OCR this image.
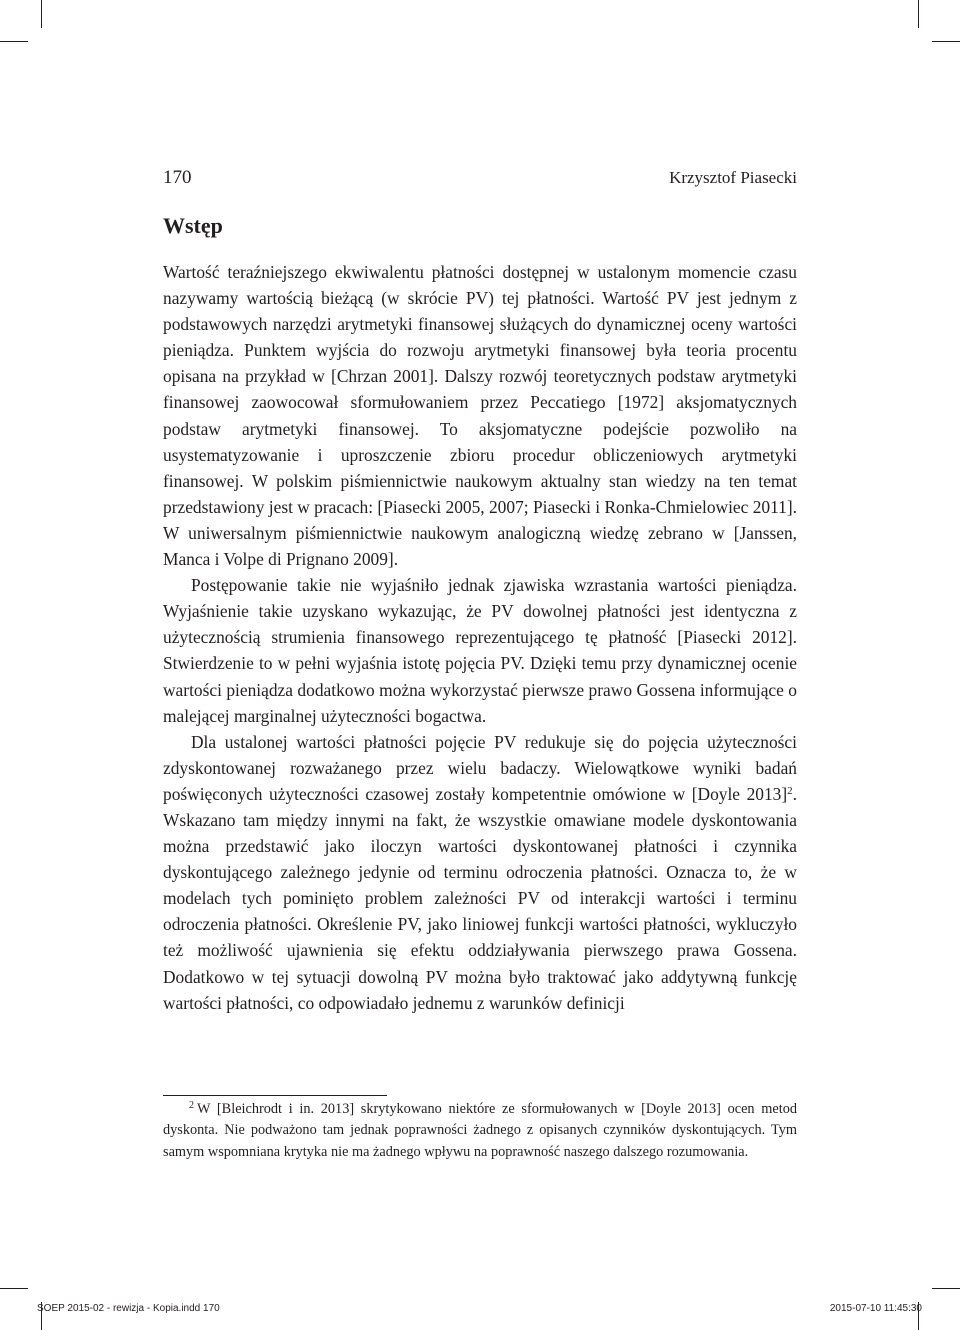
170	Krzysztof Piasecki
Wstęp

Wartość teraźniejszego ekwiwalentu płatności dostępnej w ustalonym momencie czasu nazywamy wartością bieżącą (w skrócie PV) tej płatności. Wartość PV jest jednym z podstawowych narzędzi arytmetyki finansowej służących do dynamicznej oceny wartości pieniądza. Punktem wyjścia do rozwoju arytmetyki finansowej była teoria procentu opisana na przykład w [Chrzan 2001]. Dalszy rozwój teoretycznych podstaw arytmetyki finansowej zaowocował sformułowaniem przez Peccatiego [1972] aksjomatycznych podstaw arytmetyki finansowej. To aksjomatyczne podejście pozwoliło na usystematyzowanie i uproszczenie zbioru procedur obliczeniowych arytmetyki finansowej. W polskim piśmiennictwie naukowym aktualny stan wiedzy na ten temat przedstawiony jest w pracach: [Piasecki 2005, 2007; Piasecki i Ronka-Chmielowiec 2011]. W uniwersalnym piśmiennictwie naukowym analogiczną wiedzę zebrano w [Janssen, Manca i Volpe di Prignano 2009].

Postępowanie takie nie wyjaśniło jednak zjawiska wzrastania wartości pieniądza. Wyjaśnienie takie uzyskano wykazując, że PV dowolnej płatności jest identyczna z użytecznością strumienia finansowego reprezentującego tę płatność [Piasecki 2012]. Stwierdzenie to w pełni wyjaśnia istotę pojęcia PV. Dzięki temu przy dynamicznej ocenie wartości pieniądza dodatkowo można wykorzystać pierwsze prawo Gossena informujące o malejącej marginalnej użyteczności bogactwa.

Dla ustalonej wartości płatności pojęcie PV redukuje się do pojęcia użyteczności zdyskontowanej rozważanego przez wielu badaczy. Wielowątkowe wyniki badań poświęconych użyteczności czasowej zostały kompetentnie omówione w [Doyle 2013]$^2$. Wskazano tam między innymi na fakt, że wszystkie omawiane modele dyskontowania można przedstawić jako iloczyn wartości dyskontowanej płatności i czynnika dyskontującego zależnego jedynie od terminu odroczenia płatności. Oznacza to, że w modelach tych pominięto problem zależności PV od interakcji wartości i terminu odroczenia płatności. Określenie PV, jako liniowej funkcji wartości płatności, wykluczyło też możliwość ujawnienia się efektu oddziaływania pierwszego prawa Gossena. Dodatkowo w tej sytuacji dowolną PV można było traktować jako addytywną funkcję wartości płatności, co odpowiadało jednemu z warunków definicji

$^2$ W [Bleichrodt i in. 2013] skrytykowano niektóre ze sformułowanych w [Doyle 2013] ocen metod dyskonta. Nie podważono tam jednak poprawności żadnego z opisanych czynników dyskontujących. Tym samym wspomniana krytyka nie ma żadnego wpływu na poprawność naszego dalszego rozumowania.

SOEP 2015-02 - rewizja - Kopia.indd 170	2015-07-10 11:45:30
